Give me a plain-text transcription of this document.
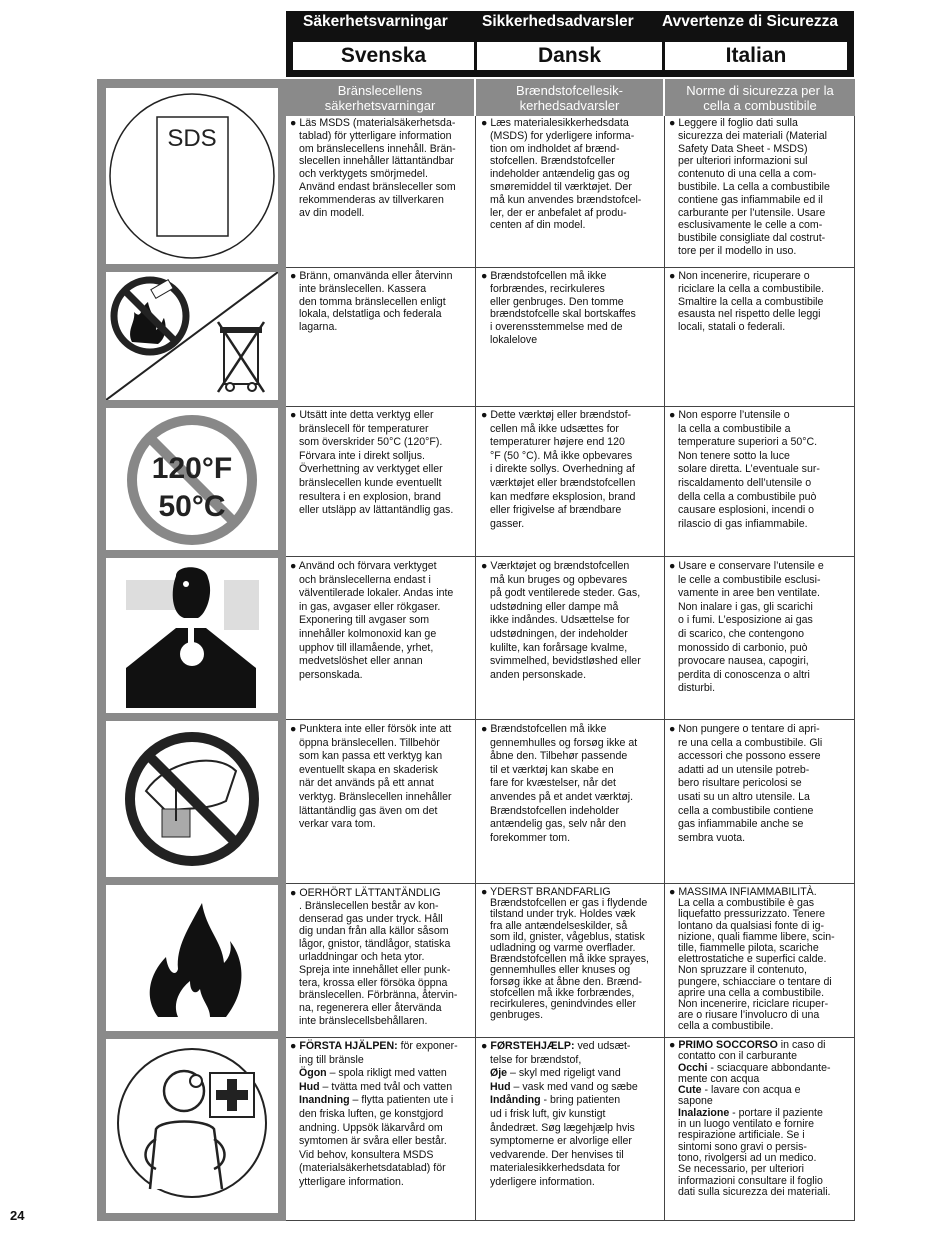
Säkerhetsvarningar Sikkerhedsadvarsler Avvertenze di Sicurezza
Svenska	Dansk	Italian
Bränslecellens
säkerhetsvarningar
Brændstofcellesik-
kerhedsadvarsler
Norme di sicurezza per la
cella a combustibile
SDS
120°F
50°C
● Läs MSDS (materialsäkerhetsda-
tablad) för ytterligare information
om bränslecellens innehåll. Brän-
slecellen innehåller lättantändbar
och verktygets smörjmedel.
Använd endast bränsleceller som
rekommenderas av tillverkaren
av din modell.
● Læs materialesikkerhedsdata
(MSDS) for yderligere informa-
tion om indholdet af brænd-
stofcellen. Brændstofceller
indeholder antændelig gas og
smøremiddel til værktøjet. Der
må kun anvendes brændstofcel-
ler, der er anbefalet af produ-
centen af din model.
● Leggere il foglio dati sulla
sicurezza dei materiali (Material
Safety Data Sheet - MSDS)
per ulteriori informazioni sul
contenuto di una cella a com-
bustibile. La cella a combustibile
contiene gas infiammabile ed il
carburante per l’utensile. Usare
esclusivamente le celle a com-
bustibile consigliate dal costrut-
tore per il modello in uso.
● Bränn, omanvända eller återvinn
inte bränslecellen. Kassera
den tomma bränslecellen enligt
lokala, delstatliga och federala
lagarna.
● Brændstofcellen må ikke
forbrændes, recirkuleres
eller genbruges. Den tomme
brændstofcelle skal bortskaffes
i overensstemmelse med de
lokalelove
● Non incenerire, ricuperare o
riciclare la cella a combustibile.
Smaltire la cella a combustibile
esausta nel rispetto delle leggi
locali, statali o federali.
● Utsätt inte detta verktyg eller
bränslecell för temperaturer
som överskrider 50°C (120°F).
Förvara inte i direkt solljus.
Överhettning av verktyget eller
bränslecellen kunde eventuellt
resultera i en explosion, brand
eller utsläpp av lättantändlig gas.
● Dette værktøj eller brændstof-
cellen må ikke udsættes for
temperaturer højere end 120
°F (50 °C). Må ikke opbevares
i direkte sollys. Overhedning af
værktøjet eller brændstofcellen
kan medføre eksplosion, brand
eller frigivelse af brændbare
gasser.
● Non esporre l’utensile o
la cella a combustibile a
temperature superiori a 50°C.
Non tenere sotto la luce
solare diretta. L’eventuale sur-
riscaldamento dell’utensile o
della cella a combustibile può
causare esplosioni, incendi o
rilascio di gas infiammabile.
● Använd och förvara verktyget
och bränslecellerna endast i
välventilerade lokaler. Andas inte
in gas, avgaser eller rökgaser.
Exponering till avgaser som
innehåller kolmonoxid kan ge
upphov till illamående, yrhet,
medvetslöshet eller annan
personskada.
● Værktøjet og brændstofcellen
må kun bruges og opbevares
på godt ventilerede steder. Gas,
udstødning eller dampe må
ikke indåndes. Udsættelse for
udstødningen, der indeholder
kulilte, kan forårsage kvalme,
svimmelhed, bevidstløshed eller
anden personskade.
● Usare e conservare l’utensile e
le celle a combustibile esclusi-
vamente in aree ben ventilate.
Non inalare i gas, gli scarichi
o i fumi. L’esposizione ai gas
di scarico, che contengono
monossido di carbonio, può
provocare nausea, capogiri,
perdita di conoscenza o altri
disturbi.
● Punktera inte eller försök inte att
öppna bränslecellen. Tillbehör
som kan passa ett verktyg kan
eventuellt skapa en skaderisk
när det används på ett annat
verktyg. Bränslecellen innehåller
lättantändlig gas även om det
verkar vara tom.
● Brændstofcellen må ikke
gennemhulles og forsøg ikke at
åbne den. Tilbehør passende
til et værktøj kan skabe en
fare for kvæstelser, når det
anvendes på et andet værktøj.
Brændstofcellen indeholder
antændelig gas, selv når den
forekommer tom.
● Non pungere o tentare di apri-
re una cella a combustibile. Gli
accessori che possono essere
adatti ad un utensile potreb-
bero risultare pericolosi se
usati su un altro utensile. La
cella a combustibile contiene
gas infiammabile anche se
sembra vuota.
● OERHÖRT LÄTTANTÄNDLIG
. Bränslecellen består av kon-
denserad gas under tryck. Håll
dig undan från alla källor såsom
lågor, gnistor, tändlågor, statiska
urladdningar och heta ytor.
Spreja inte innehållet eller punk-
tera, krossa eller försöka öppna
bränslecellen. Förbränna, återvin-
na, regenerera eller återvända
inte bränslecellsbehållaren.
● YDERST BRANDFARLIG
Brændstofcellen er gas i flydende
tilstand under tryk. Holdes væk
fra alle antændelseskilder, så
som ild, gnister, vågeblus, statisk
udladning og varme overflader.
Brændstofcellen må ikke sprayes,
gennemhulles eller knuses og
forsøg ikke at åbne den. Brænd-
stofcellen må ikke forbrændes,
recirkuleres, genindvindes eller
genbruges.
● MASSIMA INFIAMMABILITÀ.
La cella a combustibile è gas
liquefatto pressurizzato. Tenere
lontano da qualsiasi fonte di ig-
nizione, quali fiamme libere, scin-
tille, fiammelle pilota, scariche
elettrostatiche e superfici calde.
Non spruzzare il contenuto,
pungere, schiacciare o tentare di
aprire una cella a combustibile.
Non incenerire, riciclare ricuper-
are o riusare l’involucro di una
cella a combustibile.
● FÖRSTA HJÄLPEN: för exponer-
ing till bränsle
Ögon – spola rikligt med vatten
Hud – tvätta med tvål och vatten
Inandning – flyttа patienten ute i
den friska luften, ge konstgjord
andning. Uppsök läkarvård om
symtomen är svåra eller består.
Vid behov, konsultera MSDS
(materialsäkerhetsdatablad) för
ytterligare information.
● FØRSTEHJÆLP: ved udsæt-
telse for brændstof,
Øje – skyl med rigeligt vand
Hud – vask med vand og sæbe
Indånding - bring patienten
ud i frisk luft, giv kunstigt
åndedræt. Søg lægehjælp hvis
symptomerne er alvorlige eller
vedvarende. Der henvises til
materialesikkerhedsdata for
yderligere information.
● PRIMO SOCCORSO in caso di
contatto con il carburante
Occhi - sciacquare abbondante-
mente con acqua
Cute - lavare con acqua e
sapone
Inalazione - portare il paziente
in un luogo ventilato e fornire
respirazione artificiale. Se i
sintomi sono gravi o persis-
tono, rivolgersi ad un medico.
Se necessario, per ulteriori
informazioni consultare il foglio
dati sulla sicurezza dei materiali.
24
